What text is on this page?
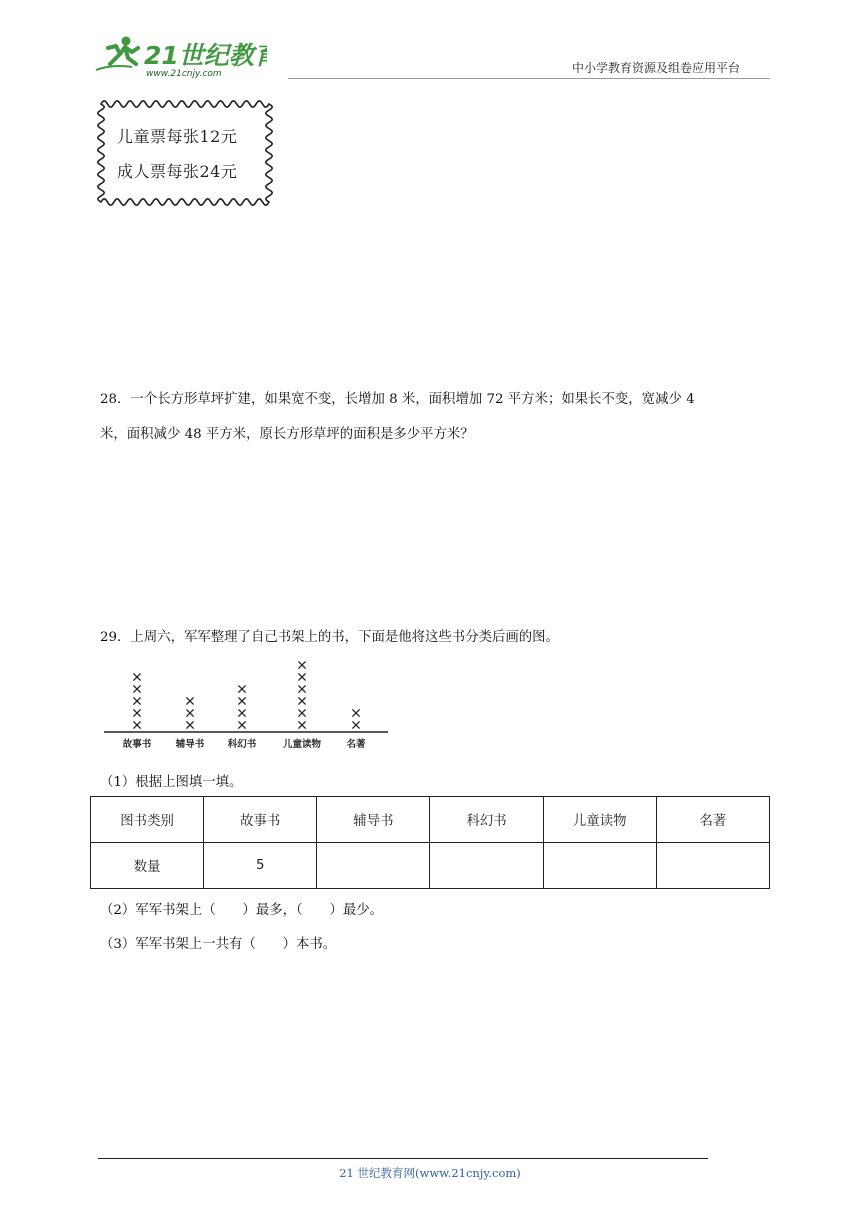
21世纪教育
www.21cnjy.com	中小学教育资源及组卷应用平台
儿童票每张12元
成人票每张24元
28．一个长方形草坪扩建，如果宽不变，长增加 8 米，面积增加 72 平方米；如果长不变，宽减少 4
米，面积减少 48 平方米，原长方形草坪的面积是多少平方米？
29．上周六，军军整理了自己书架上的书，下面是他将这些书分类后画的图。
故事书	辅导书 科幻书	儿童读物	名著
（1）根据上图填一填。
图书类别	故事书	辅导书	科幻书	儿童读物	名著
数量	5				
（2）军军书架上（　　）最多，（　　）最少。
（3）军军书架上一共有（　　）本书。
21 世纪教育网(www.21cnjy.com)
